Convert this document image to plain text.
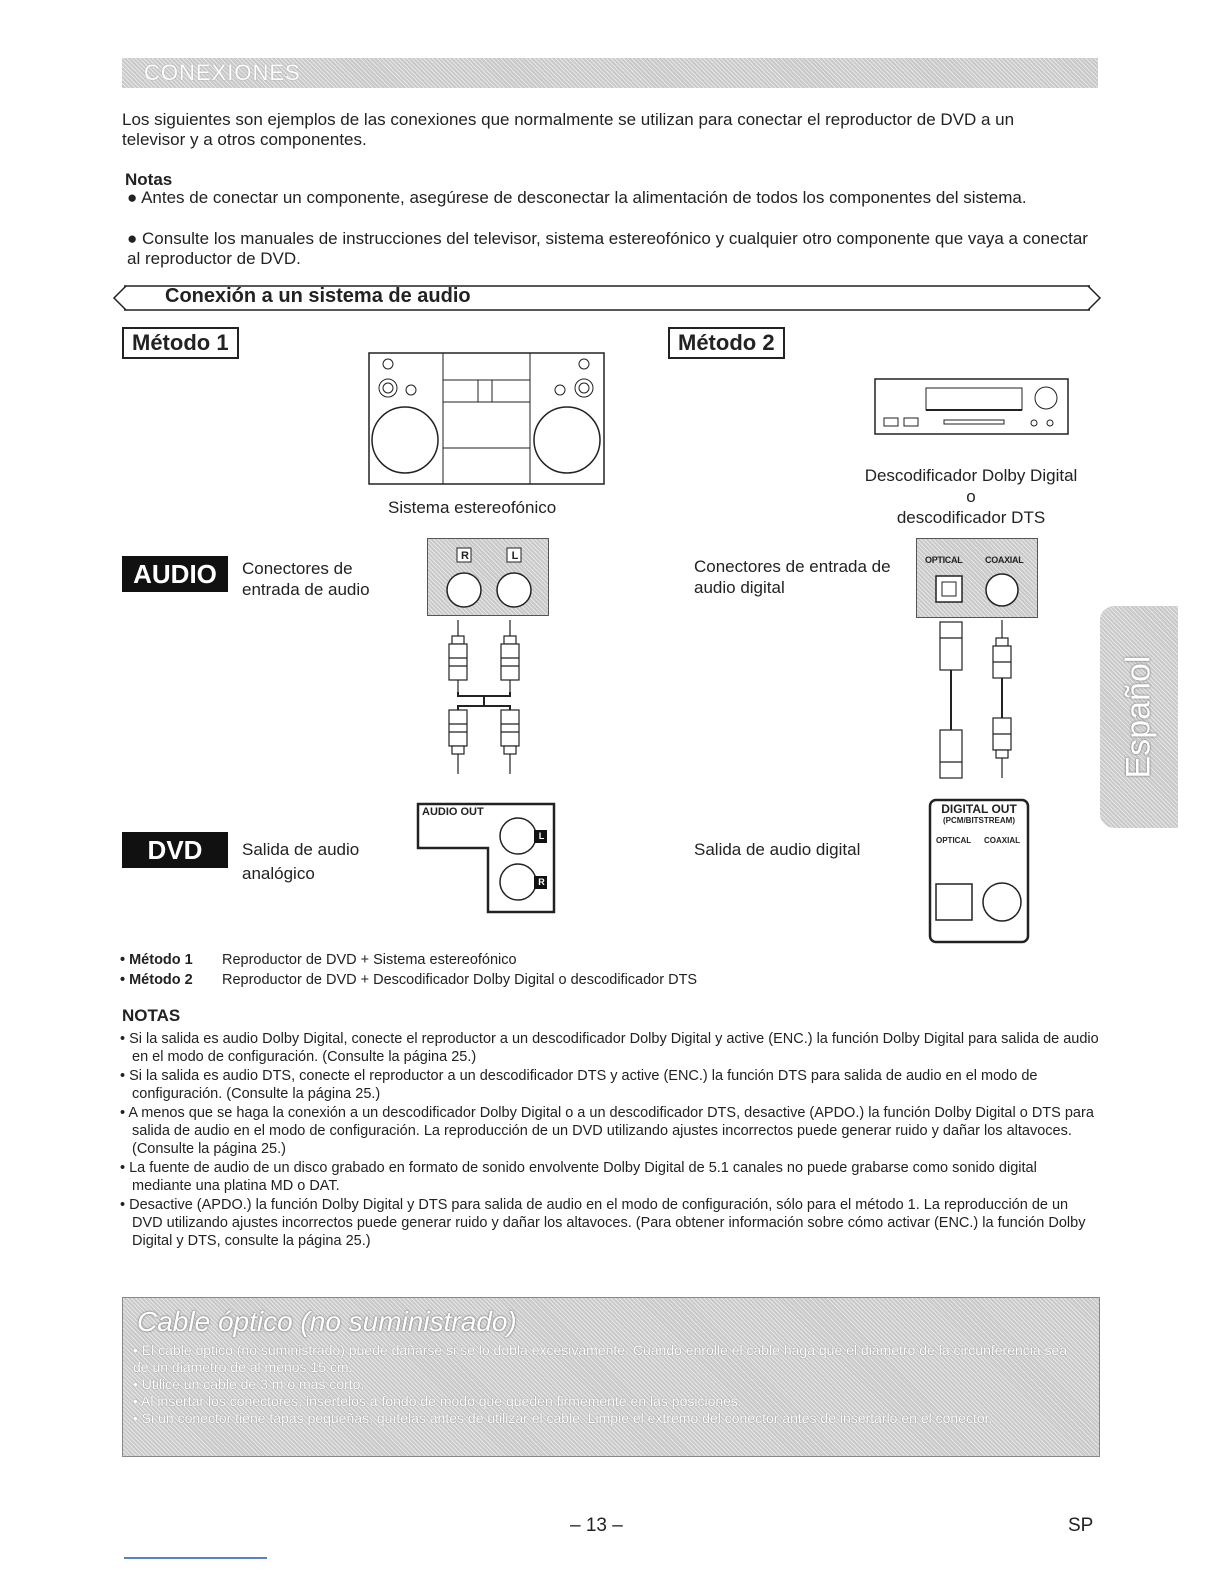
CONEXIONES
Los siguientes son ejemplos de las conexiones que normalmente se utilizan para conectar el reproductor de DVD a un televisor y a otros componentes.
Notas
● Antes de conectar un componente, asegúrese de desconectar la alimentación de todos los componentes del sistema.
● Consulte los manuales de instrucciones del televisor, sistema estereofónico y cualquier otro componente que vaya a conectar al reproductor de DVD.
Conexión a un sistema de audio
Método 1	Método 2
Sistema estereofónico
Descodificador Dolby Digital
o
descodificador DTS
AUDIO	Conectores de entrada de audio
R	L
Conectores de entrada de audio digital
OPTICAL	COAXIAL
DVD	Salida de audio analógico
AUDIO OUT
L
R
Salida de audio digital
DIGITAL OUT
(PCM/BITSTREAM)
OPTICAL COAXIAL
Español
• Método 1 Reproductor de DVD + Sistema estereofónico
• Método 2 Reproductor de DVD + Descodificador Dolby Digital o descodificador DTS
NOTAS
• Si la salida es audio Dolby Digital, conecte el reproductor a un descodificador Dolby Digital y active (ENC.) la función Dolby Digital para salida de audio en el modo de configuración. (Consulte la página 25.)
• Si la salida es audio DTS, conecte el reproductor a un descodificador DTS y active (ENC.) la función DTS para salida de audio en el modo de configuración. (Consulte la página 25.)
• A menos que se haga la conexión a un descodificador Dolby Digital o a un descodificador DTS, desactive (APDO.) la función Dolby Digital o DTS para salida de audio en el modo de configuración. La reproducción de un DVD utilizando ajustes incorrectos puede generar ruido y dañar los altavoces. (Consulte la página 25.)
• La fuente de audio de un disco grabado en formato de sonido envolvente Dolby Digital de 5.1 canales no puede grabarse como sonido digital mediante una platina MD o DAT.
• Desactive (APDO.) la función Dolby Digital y DTS para salida de audio en el modo de configuración, sólo para el método 1. La reproducción de un DVD utilizando ajustes incorrectos puede generar ruido y dañar los altavoces. (Para obtener información sobre cómo activar (ENC.) la función Dolby Digital y DTS, consulte la página 25.)
Cable óptico (no suministrado)
• El cable óptico (no suministrado) puede dañarse si se lo dobla excesivamente. Cuando enrolle el cable haga que el diámetro de la circunferencia sea de un diámetro de al menos 15 cm.
• Utilice un cable de 3 m o más corto.
• Al insertar los conectores, insértelos a fondo de modo que queden firmemente en las posiciones.
• Si un conector tiene tapas pequeñas, quítelas antes de utilizar el cable. Limpie el extremo del conector antes de insertarlo en el conector.
– 13 –	SP
